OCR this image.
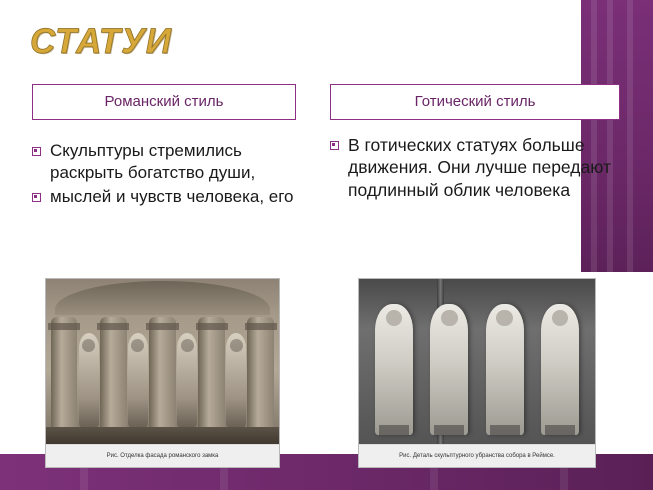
СТАТУИ
Романский стиль	Готический стиль
Скульптуры стремились раскрыть богатство души,
мыслей и чувств человека, его
В готических статуях больше движения. Они лучше передают подлинный облик человека
Рис. Отделка фасада романского замка	Рис. Деталь скульптурного убранства собора в Реймсе.
